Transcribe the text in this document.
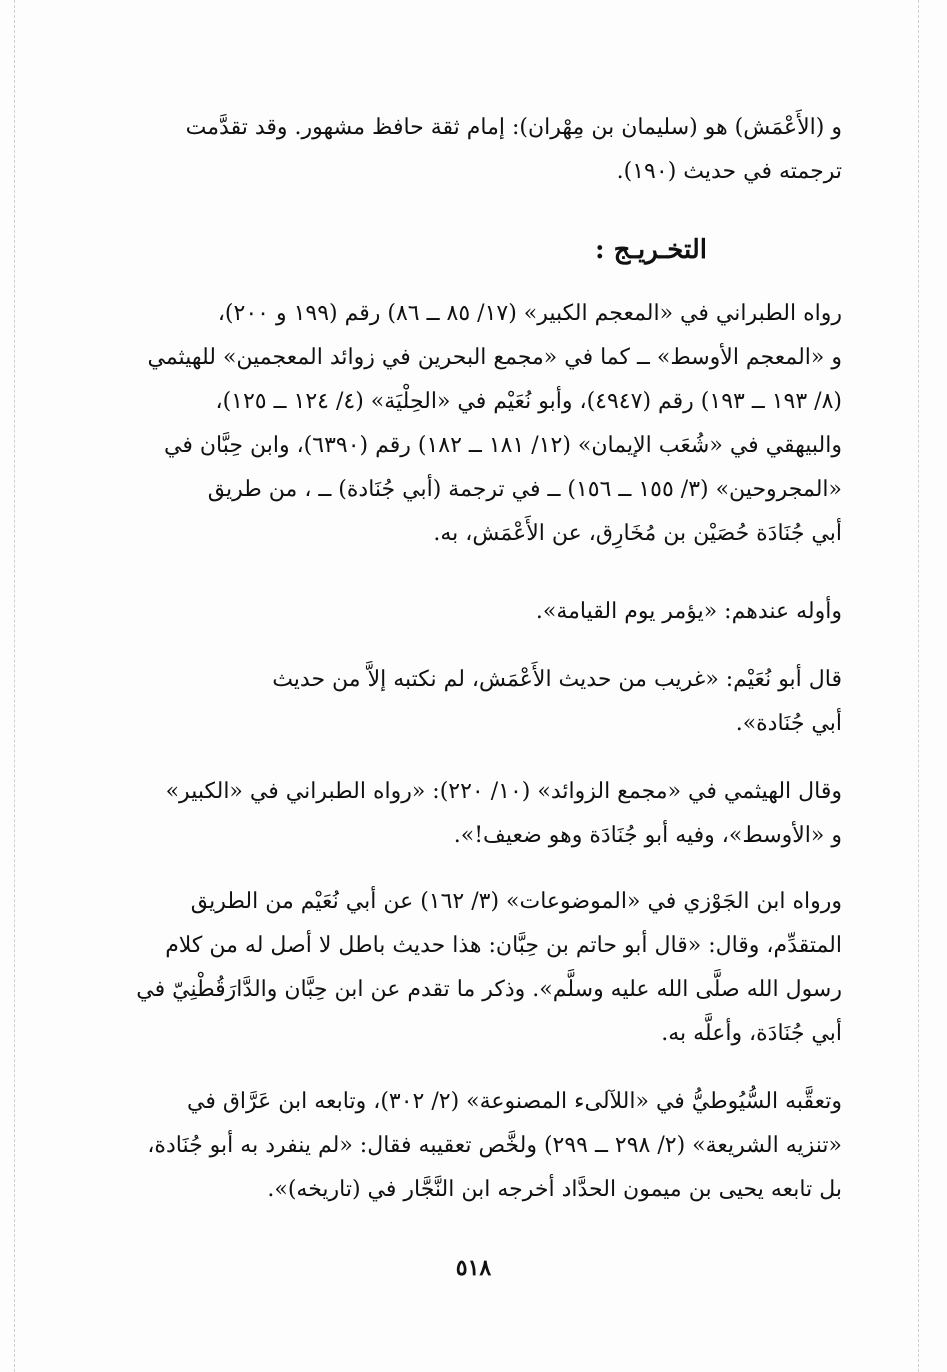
و (الأَعْمَش) هو (سليمان بن مِهْران): إمام ثقة حافظ مشهور. وقد تقدَّمت
ترجمته في حديث (١٩٠).
التخـريـج :
رواه الطبراني في «المعجم الكبير» (١٧/ ٨٥ ــ ٨٦) رقم (١٩٩ و ٢٠٠)،
و «المعجم الأوسط» ــ كما في «مجمع البحرين في زوائد المعجمين» للهيثمي
(٨/ ١٩٣ ــ ١٩٣) رقم (٤٩٤٧)، وأبو نُعَيْم في «الحِلْيَة» (٤/ ١٢٤ ــ ١٢٥)،
والبيهقي في «شُعَب الإيمان» (١٢/ ١٨١ ــ ١٨٢) رقم (٦٣٩٠)، وابن حِبَّان في
«المجروحين» (٣/ ١٥٥ ــ ١٥٦) ــ في ترجمة (أبي جُنَادة) ــ ، من طريق
أبي جُنَادَة حُصَيْن بن مُخَارِق، عن الأَعْمَش، به.
وأوله عندهم: «يؤمر يوم القيامة».
قال أبو نُعَيْم: «غريب من حديث الأَعْمَش، لم نكتبه إلاَّ من حديث
أبي جُنَادة».
وقال الهيثمي في «مجمع الزوائد» (١٠/ ٢٢٠): «رواه الطبراني في «الكبير»
و «الأوسط»، وفيه أبو جُنَادَة وهو ضعيف!».
ورواه ابن الجَوْزي في «الموضوعات» (٣/ ١٦٢) عن أبي نُعَيْم من الطريق
المتقدِّم، وقال: «قال أبو حاتم بن حِبَّان: هذا حديث باطل لا أصل له من كلام
رسول الله صلَّى الله عليه وسلَّم». وذكر ما تقدم عن ابن حِبَّان والدَّارَقُطْنِيّ في
أبي جُنَادَة، وأعلَّه به.
وتعقَّبه السُّيُوطيُّ في «اللآلىء المصنوعة» (٢/ ٣٠٢)، وتابعه ابن عَرَّاق في
«تنزيه الشريعة» (٢/ ٢٩٨ ــ ٢٩٩) ولخَّص تعقيبه فقال: «لم ينفرد به أبو جُنَادة،
بل تابعه يحيى بن ميمون الحدَّاد أخرجه ابن النَّجَّار في (تاريخه)».
٥١٨
